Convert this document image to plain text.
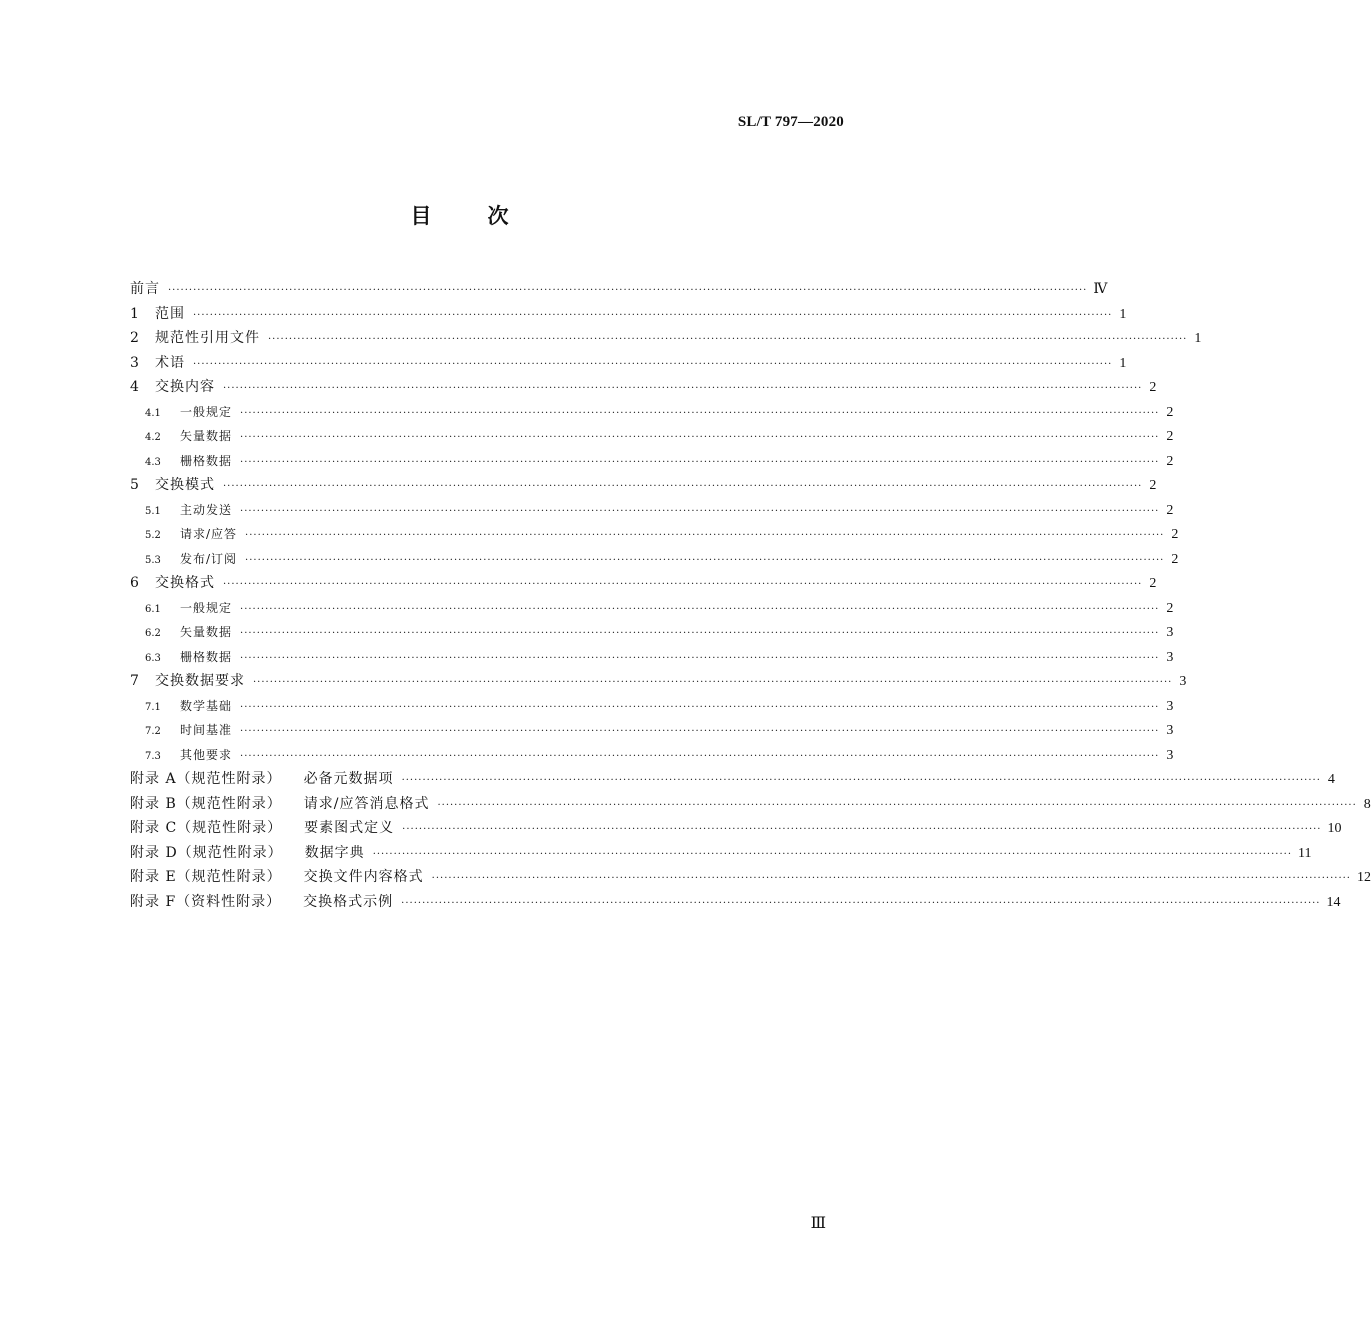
SL/T 797—2020
目次
前言 ···························································································································································································································· Ⅳ
1	范围 ···························································································································································································································· 1
2	规范性引用文件 ···························································································································································································································· 1
3	术语 ···························································································································································································································· 1
4	交换内容 ···························································································································································································································· 2
4.1	一般规定 ···························································································································································································································· 2
4.2	矢量数据 ···························································································································································································································· 2
4.3	栅格数据 ···························································································································································································································· 2
5	交换模式 ···························································································································································································································· 2
5.1	主动发送 ···························································································································································································································· 2
5.2	请求/应答 ···························································································································································································································· 2
5.3	发布/订阅 ···························································································································································································································· 2
6	交换格式 ···························································································································································································································· 2
6.1	一般规定 ···························································································································································································································· 2
6.2	矢量数据 ···························································································································································································································· 3
6.3	栅格数据 ···························································································································································································································· 3
7	交换数据要求 ···························································································································································································································· 3
7.1	数学基础 ···························································································································································································································· 3
7.2	时间基准 ···························································································································································································································· 3
7.3	其他要求 ···························································································································································································································· 3
附录 A（规范性附录） 必备元数据项 ···························································································································································································································· 4
附录 B（规范性附录） 请求/应答消息格式 ···························································································································································································································· 8
附录 C（规范性附录） 要素图式定义 ···························································································································································································································· 10
附录 D（规范性附录） 数据字典 ···························································································································································································································· 11
附录 E（规范性附录） 交换文件内容格式 ···························································································································································································································· 12
附录 F（资料性附录） 交换格式示例 ···························································································································································································································· 14
Ⅲ
